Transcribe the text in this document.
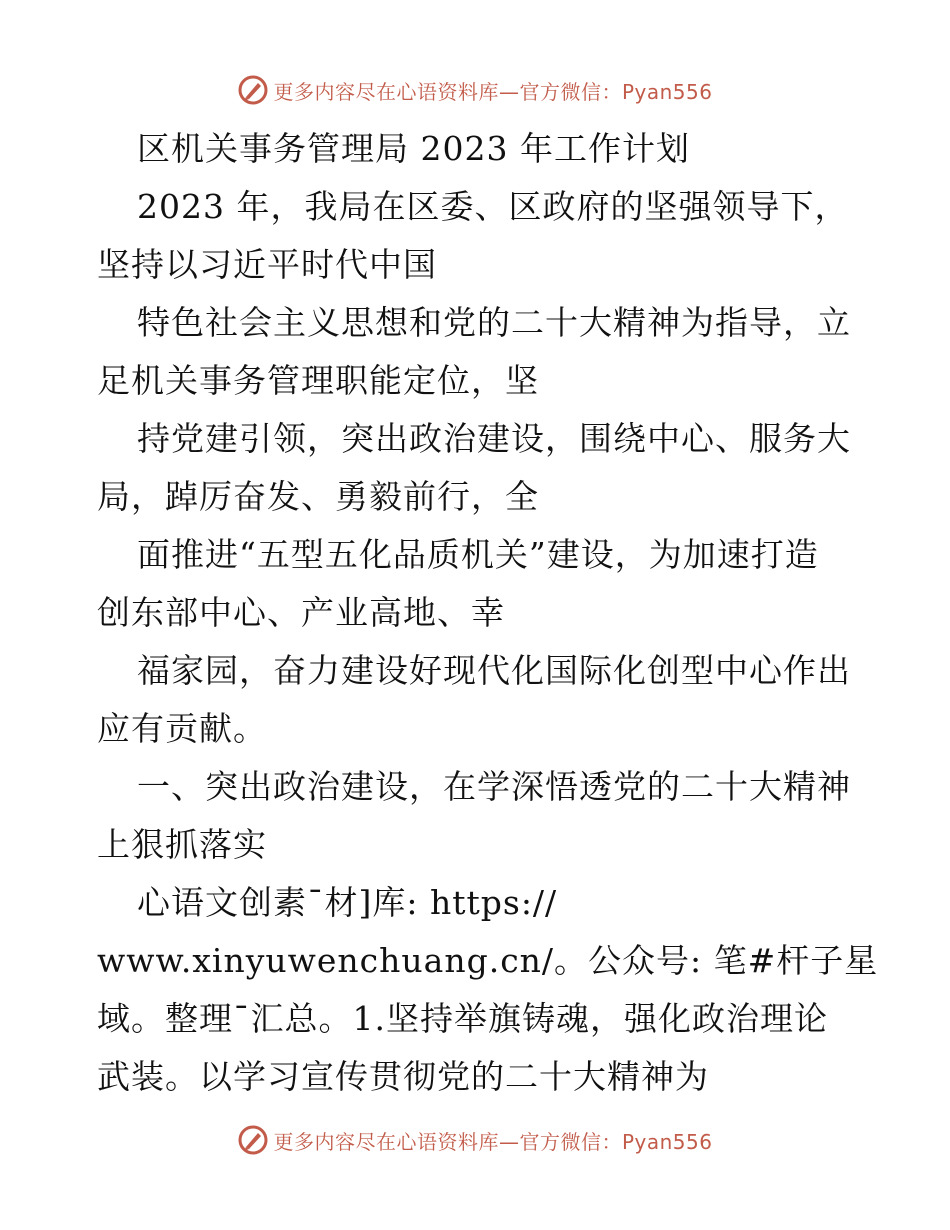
更多内容尽在心语资料库—官方微信：Pyan556
区机关事务管理局 2023 年工作计划
2023 年，我局在区委、区政府的坚强领导下，
坚持以习近平时代中国
特色社会主义思想和党的二十大精神为指导，立
足机关事务管理职能定位，坚
持党建引领，突出政治建设，围绕中心、服务大
局，踔厉奋发、勇毅前行，全
面推进“五型五化品质机关”建设，为加速打造
创东部中心、产业高地、幸
福家园，奋力建设好现代化国际化创型中心作出
应有贡献。
一、突出政治建设，在学深悟透党的二十大精神
上狠抓落实
心语文创素¯材]库: https://
www.xinyuwenchuang.cn/。公众号: 笔#杆子星
域。整理¯汇总。1.坚持举旗铸魂，强化政治理论
武装。以学习宣传贯彻党的二十大精神为
更多内容尽在心语资料库—官方微信：Pyan556
